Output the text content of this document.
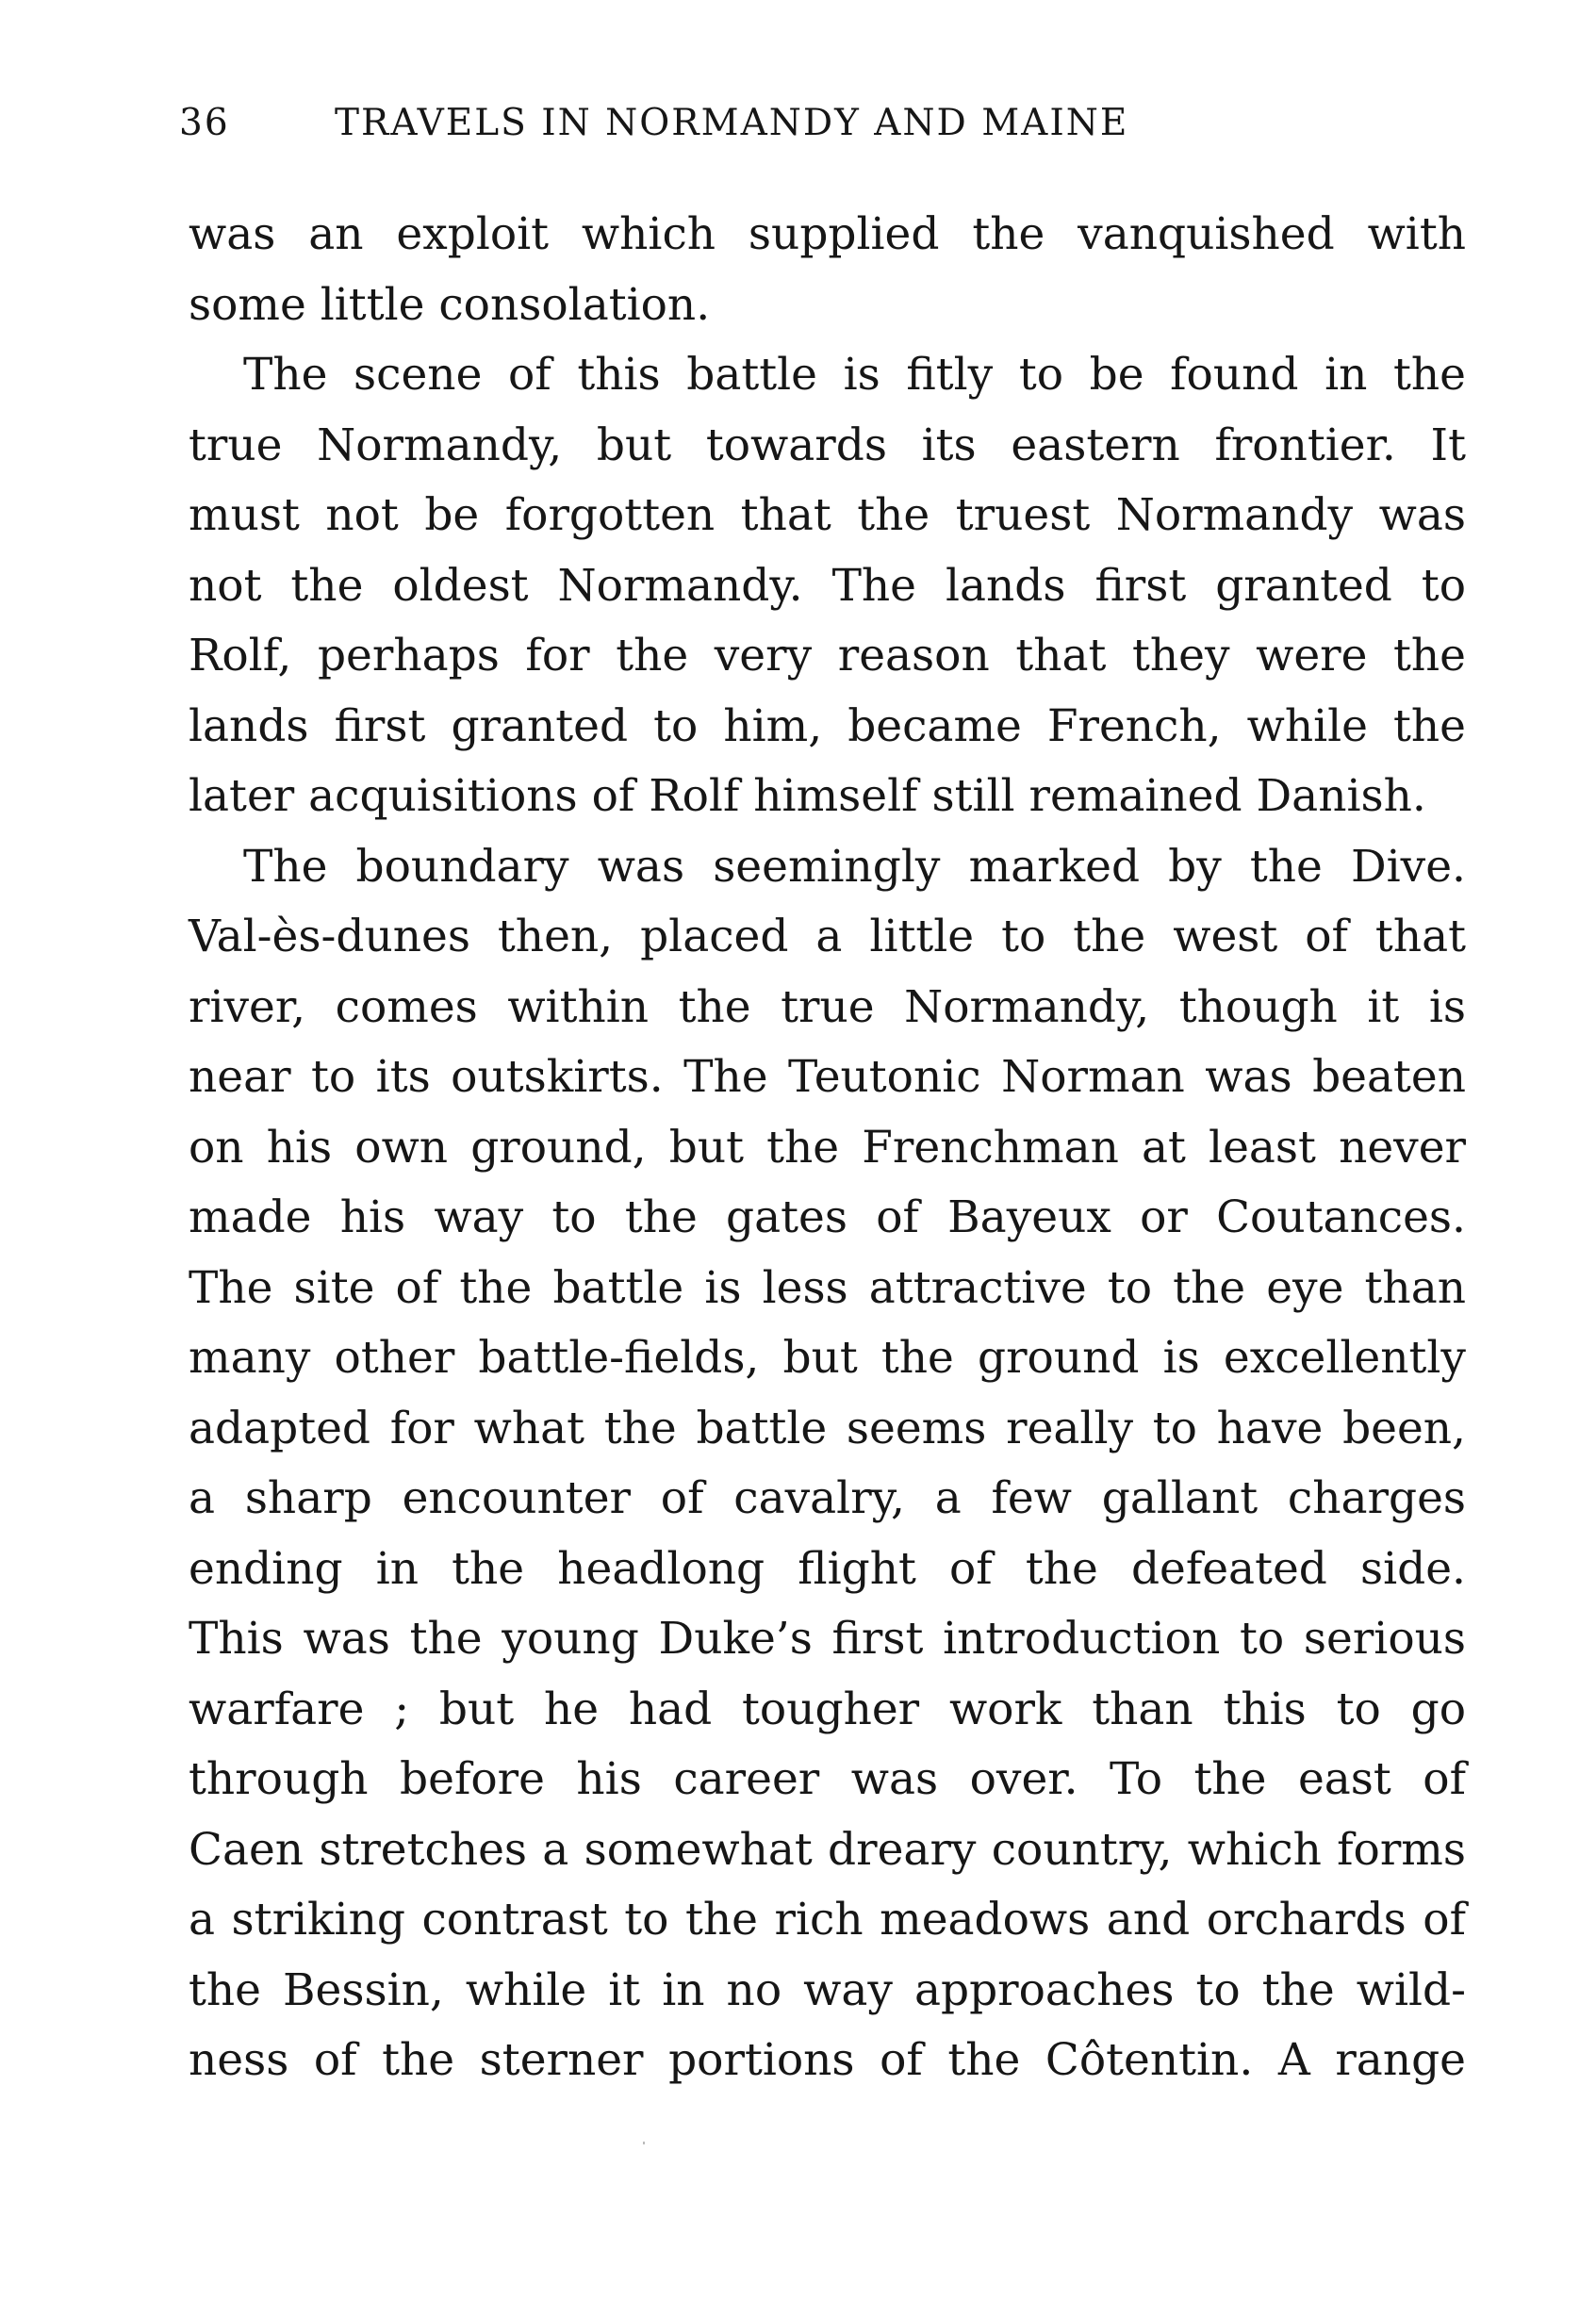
36	TRAVELS IN NORMANDY AND MAINE
was an exploit which supplied the vanquished with
some little consolation.
The scene of this battle is fitly to be found in the
true Normandy, but towards its eastern frontier. It
must not be forgotten that the truest Normandy was
not the oldest Normandy. The lands first granted to
Rolf, perhaps for the very reason that they were the
lands first granted to him, became French, while the
later acquisitions of Rolf himself still remained Danish.
The boundary was seemingly marked by the Dive.
Val-ès-dunes then, placed a little to the west of that
river, comes within the true Normandy, though it is
near to its outskirts. The Teutonic Norman was beaten
on his own ground, but the Frenchman at least never
made his way to the gates of Bayeux or Coutances.
The site of the battle is less attractive to the eye than
many other battle-fields, but the ground is excellently
adapted for what the battle seems really to have been,
a sharp encounter of cavalry, a few gallant charges
ending in the headlong flight of the defeated side.
This was the young Duke’s first introduction to serious
warfare ; but he had tougher work than this to go
through before his career was over. To the east of
Caen stretches a somewhat dreary country, which forms
a striking contrast to the rich meadows and orchards of
the Bessin, while it in no way approaches to the wild-
ness of the sterner portions of the Côtentin. A range
